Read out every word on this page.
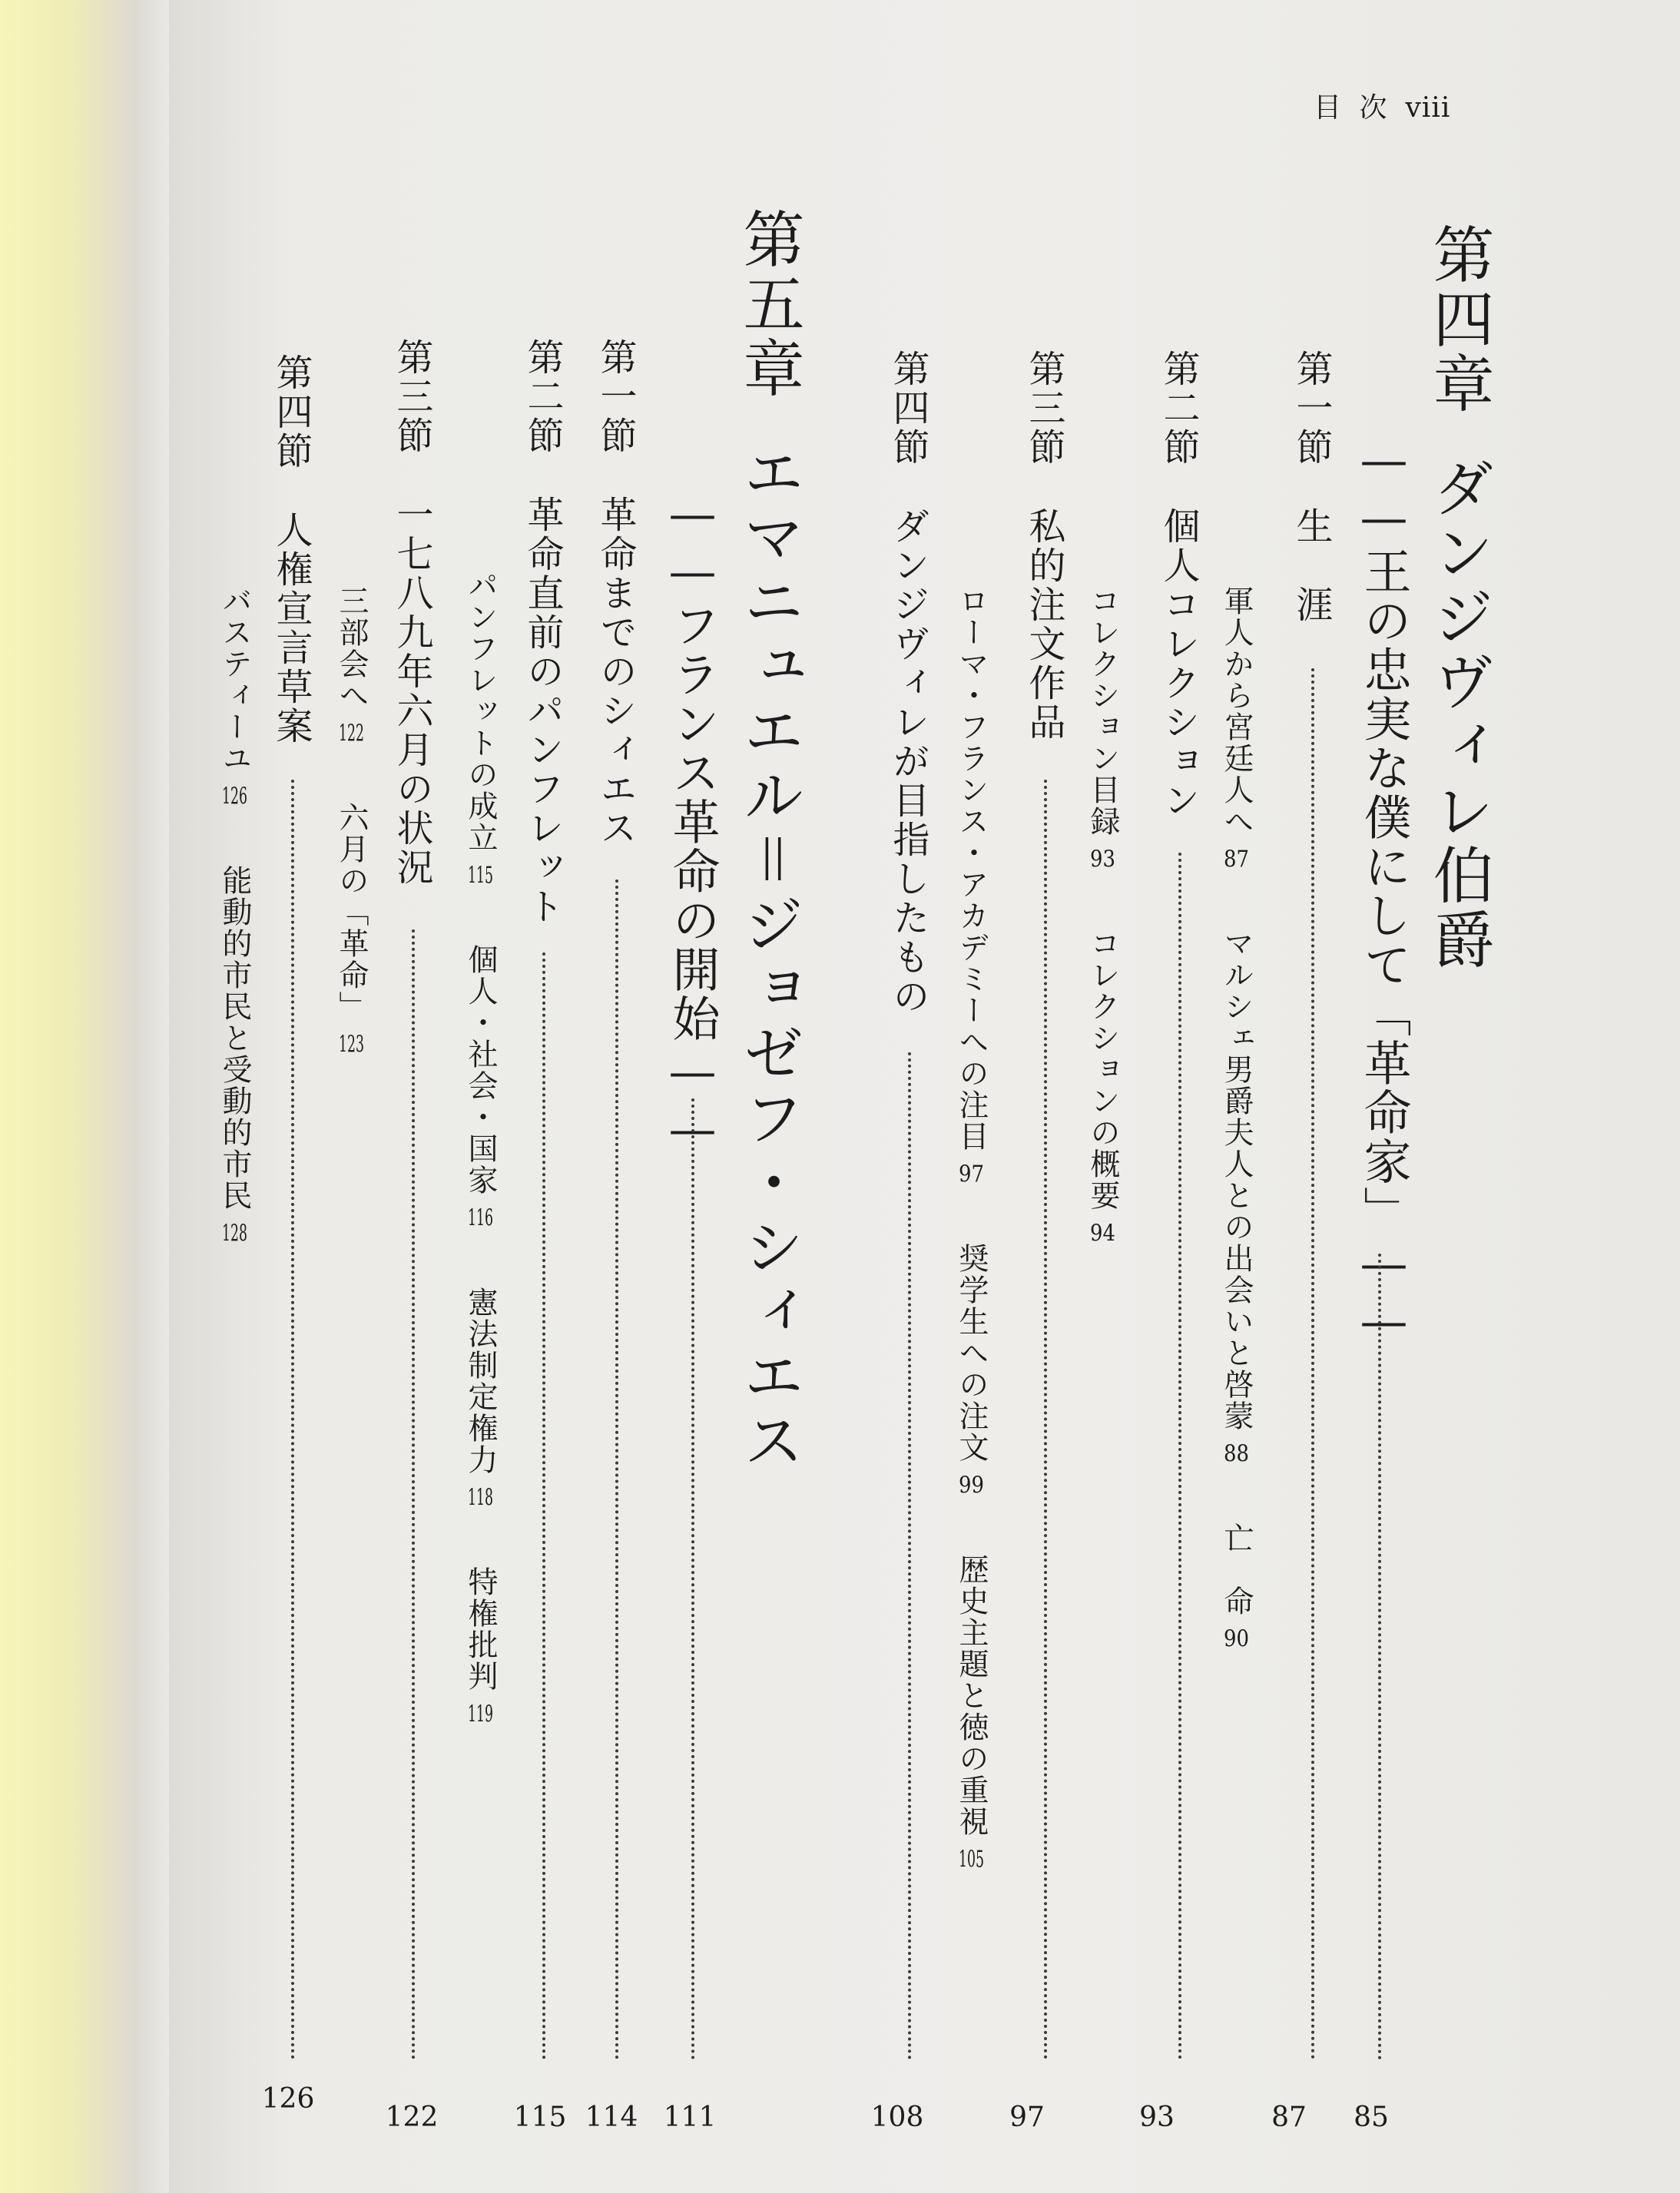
目 次 viii
第四章ダンジヴィレ伯爵
——王の忠実な僕にして「革命家」——
85
第一節生　涯
87
軍人から宮廷人へ87マルシェ男爵夫人との出会いと啓蒙88亡　命90
第二節個人コレクション
93
コレクション目録93コレクションの概要94
第三節私的注文作品
97
ローマ・フランス・アカデミーへの注目97奨学生への注文99歴史主題と徳の重視105
第四節ダンジヴィレが目指したもの
108
第五章エマニュエル＝ジョゼフ・シィエス
——フランス革命の開始——
111
第一節革命までのシィエス
114
第二節革命直前のパンフレット
115
パンフレットの成立115個人・社会・国家116憲法制定権力118特権批判119
第三節一七八九年六月の状況
122
三部会へ122六月の「革命」123
第四節人権宣言草案
126
バスティーユ126能動的市民と受動的市民128
